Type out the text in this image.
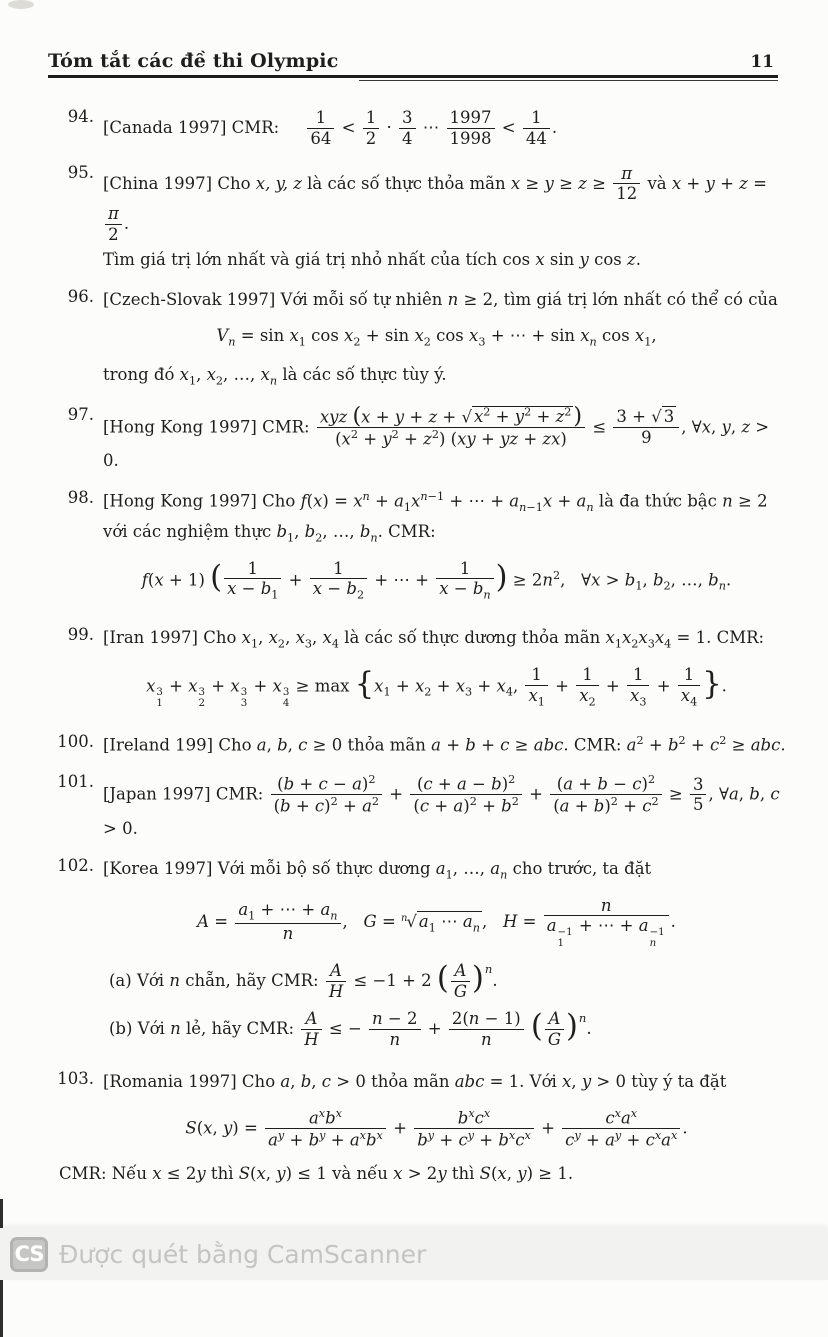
Tóm tắt các đề thi Olympic	11
94.
[Canada 1997] CMR: $\frac{1}{64} < \frac{1}{2} \cdot \frac{3}{4}$ ⋯ $\frac{1997}{1998} < \frac{1}{44}$ .
95.
[China 1997] Cho x, y, z là các số thực thỏa mãn $x \ge y \ge z \ge \frac{\pi}{12}$ và x + y + z =
$\frac{\pi}{2}$ .
Tìm giá trị lớn nhất và giá trị nhỏ nhất của tích cos x sin y cos z.
96. [Czech-Slovak 1997] Với mỗi số tự nhiên n ≥ 2, tìm giá trị lớn nhất có thể có của
$V_n = \sin x_1$ $\cos x_2 + \sin x_2$ $\cos x_3$ + ⋯ + $\sin x_n$ $\cos x_1$,
trong đó $x_1$, $x_2$, …, $x_n$ là các số thực tùy ý.
97.
[Hong Kong 1997] CMR:
xyz (x + y + z + √ $x^2 + y^2 + z^2$)
$(x^2 + y^2 + z^2) (xy$ + yz + zx)
≤ $\frac{3 + √ 3}{9}$ , ∀x, y, z > 0.
98. [Hong Kong 1997] Cho $f(x) = x^n + a_1x^{n-1}$ + ⋯ + $a_{n-1}x + a_n$ là đa thức bậc n ≥ 2
với các nghiệm thực $b_1$, $b_2$, …, $b_n$. CMR:
f(x + 1) ( $\frac{1}{x - b_1} + \frac{1}{x - b_2}$ + ⋯ + $\frac{1}{x - b_n}$ ) ≥ $2n^2$,   ∀x > $b_1$, $b_2$, …, $b_n$.
99. [Iran 1997] Cho $x_1$, $x_2$, $x_3$, $x_4$ là các số thực dương thỏa mãn $x_1x_2x_3x_4 = 1$. CMR:
x 3
1
+ x 3
2
+ x 3
3
+ x 3
4
≥ $\max \{x_1 + x_2 + x_3 + x_4$, $\frac{1}{x_1} + \frac{1}{x_2} + \frac{1}{x_3} + \frac{1}{x_4}$ }.
100. [Ireland 199] Cho a, b, c ≥ 0 thỏa mãn a + b + c ≥ abc. CMR: $a^2 + b^2 + c^2$ ≥ abc.
101.
[Japan 1997] CMR: $\frac{(b + c - a)^2}{(b + c)^2 + a^2} + \frac{(c + a - b)^2}{(c + a)^2 + b^2} + \frac{(a + b - c)^2}{(a + b)^2 + c^2} \ge \frac{3}{5}$ , ∀a, b, c > 0.
102. [Korea 1997] Với mỗi bộ số thực dương $a_1$, …, $a_n$ cho trước, ta đặt
$A = \frac{a_1 + \cdots + a_n}{n}$ ,   G = $^n$√ $a_1$ ⋯ $a_n$ ,   H = n
a −1
1
+ ⋯ + a −1
n .
(a) Với n chẵn, hãy CMR: $\frac{A}{H} \le -1 + 2$ ( $\frac{A}{G} )^n$.
(b) Với n lẻ, hãy CMR: $\frac{A}{H}$ ≤ − $\frac{n - 2}{n} + \frac{2(n - 1)}{n}$ ( $\frac{A}{G} )^n$.
103. [Romania 1997] Cho a, b, c > 0 thỏa mãn abc = 1. Với x, y > 0 tùy ý ta đặt
S(x, y) =
$a^xb^x$
$a^y + b^y + a^xb^x$ +
$b^xc^x$
$b^y + c^y + b^xc^x$ +
$c^xa^x$
$c^y + a^y + c^xa^x$ .
CMR: Nếu x ≤ 2y thì S(x, y) ≤ 1 và nếu x > 2y thì S(x, y) ≥ 1.
CS Được quét bằng CamScanner
